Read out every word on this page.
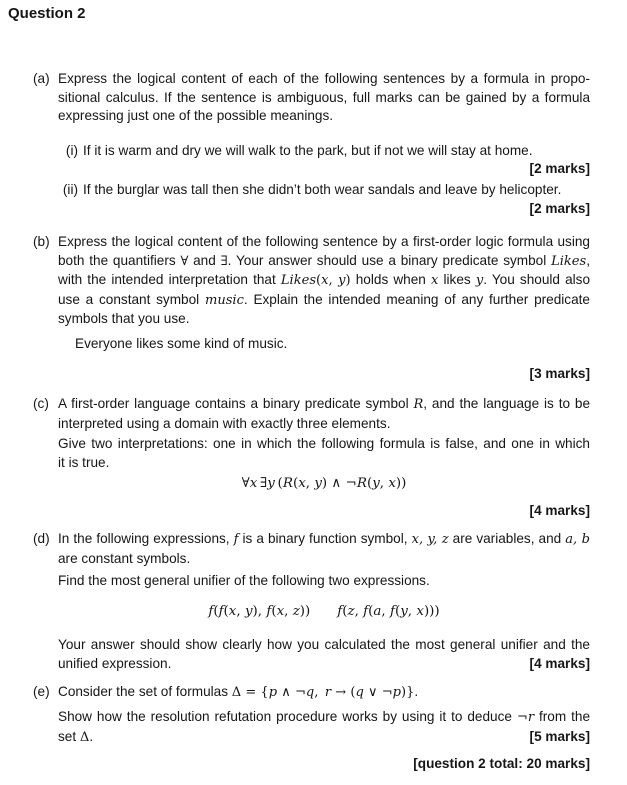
Question 2
(a) Express the logical content of each of the following sentences by a formula in propo-
sitional calculus. If the sentence is ambiguous, full marks can be gained by a formula
expressing just one of the possible meanings.
(i) If it is warm and dry we will walk to the park, but if not we will stay at home.
[2 marks]
(ii) If the burglar was tall then she didn’t both wear sandals and leave by helicopter.
[2 marks]
(b) Express the logical content of the following sentence by a first-order logic formula using
both the quantifiers ∀ and ∃. Your answer should use a binary predicate symbol Likes,
with the intended interpretation that Likes(x, y) holds when x likes y. You should also
use a constant symbol music. Explain the intended meaning of any further predicate
symbols that you use.
Everyone likes some kind of music.
[3 marks]
(c) A first-order language contains a binary predicate symbol R, and the language is to be
interpreted using a domain with exactly three elements.
Give two interpretations: one in which the following formula is false, and one in which
it is true.
∀x ∃y (R(x, y) ∧ ¬R(y, x))
[4 marks]
(d) In the following expressions, f is a binary function symbol, x, y, z are variables, and a, b
are constant symbols.
Find the most general unifier of the following two expressions.
f(f(x, y), f(x, z)) f(z, f(a, f(y, x)))
Your answer should show clearly how you calculated the most general unifier and the
unified expression.	[4 marks]
(e) Consider the set of formulas Δ = {p ∧ ¬q, r → (q ∨ ¬p)}.
Show how the resolution refutation procedure works by using it to deduce ¬r from the
set Δ.	[5 marks]
[question 2 total: 20 marks]
